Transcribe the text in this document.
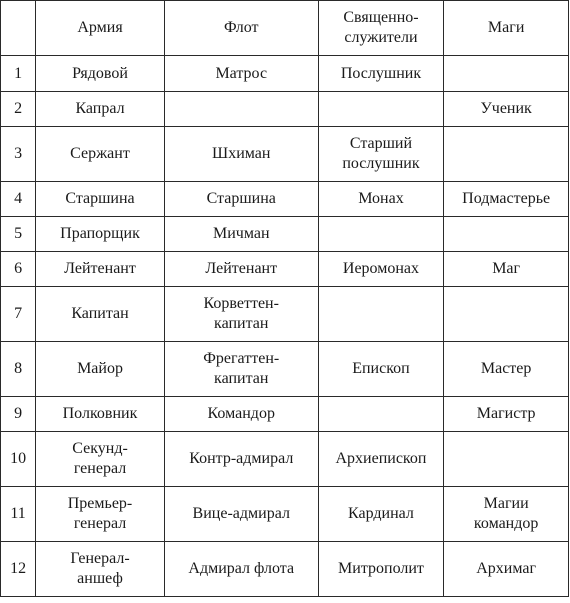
	Армия	Флот	Священно-
служители	Маги
1	Рядовой	Матрос	Послушник	
2	Капрал			Ученик
3	Сержант	Шхиман	Старший
послушник	
4	Старшина	Старшина	Монах	Подмастерье
5	Прапорщик	Мичман		
6	Лейтенант	Лейтенант	Иеромонах	Маг
7	Капитан	Корветтен-
капитан		
8	Майор	Фрегаттен-
капитан	Епископ	Мастер
9	Полковник	Командор		Магистр
10	Секунд-
генерал	Контр-адмирал	Архиепископ	
11	Премьер-
генерал	Вице-адмирал	Кардинал	Магии
командор
12	Генерал-
аншеф	Адмирал флота	Митрополит	Архимаг
